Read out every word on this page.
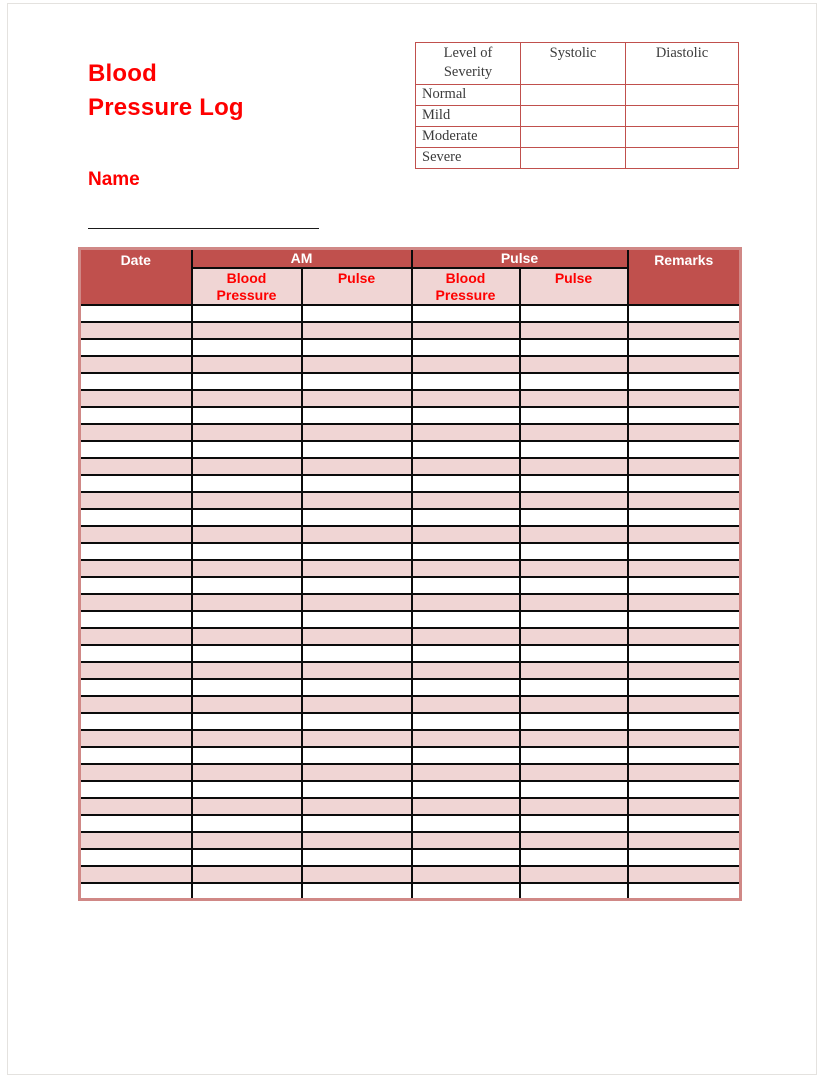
Blood
Pressure Log
Name
Level of Severity	Systolic	Diastolic
Normal		
Mild		
Moderate		
Severe		
Date	AM		Pulse		Remarks
	Blood Pressure	Pulse	Blood Pressure	Pulse	
